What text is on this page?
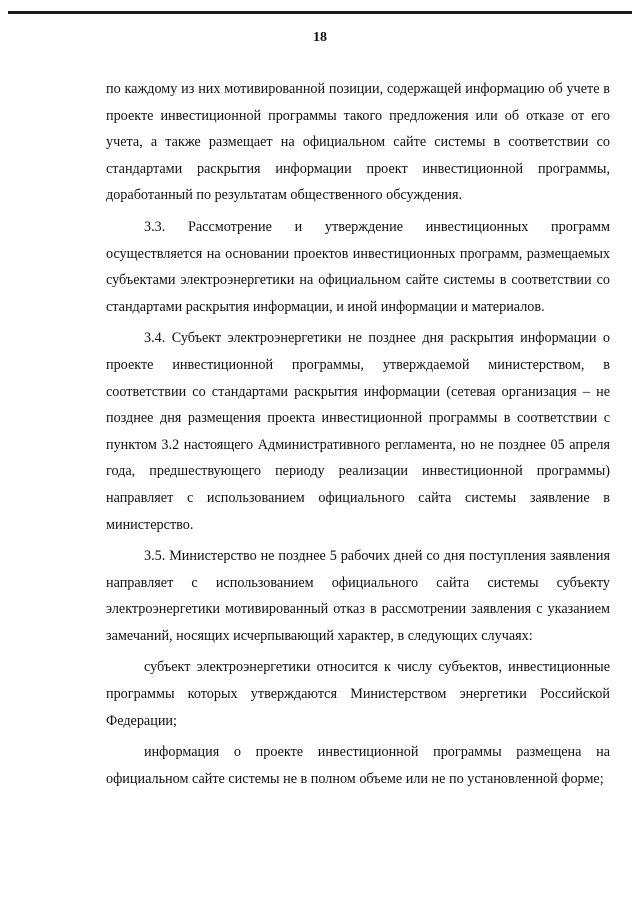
18

по каждому из них мотивированной позиции, содержащей информацию об учете в проекте инвестиционной программы такого предложения или об отказе от его учета, а также размещает на официальном сайте системы в соответствии со стандартами раскрытия информации проект инвестиционной программы, доработанный по результатам общественного обсуждения.

3.3. Рассмотрение и утверждение инвестиционных программ осуществляется на основании проектов инвестиционных программ, размещаемых субъектами электроэнергетики на официальном сайте системы в соответствии со стандартами раскрытия информации, и иной информации и материалов.

3.4. Субъект электроэнергетики не позднее дня раскрытия информации о проекте инвестиционной программы, утверждаемой министерством, в соответствии со стандартами раскрытия информации (сетевая организация – не позднее дня размещения проекта инвестиционной программы в соответствии с пунктом 3.2 настоящего Административного регламента, но не позднее 05 апреля года, предшествующего периоду реализации инвестиционной программы) направляет с использованием официального сайта системы заявление в министерство.

3.5. Министерство не позднее 5 рабочих дней со дня поступления заявления направляет с использованием официального сайта системы субъекту электроэнергетики мотивированный отказ в рассмотрении заявления с указанием замечаний, носящих исчерпывающий характер, в следующих случаях:

субъект электроэнергетики относится к числу субъектов, инвестиционные программы которых утверждаются Министерством энергетики Российской Федерации;

информация о проекте инвестиционной программы размещена на официальном сайте системы не в полном объеме или не по установленной форме;
